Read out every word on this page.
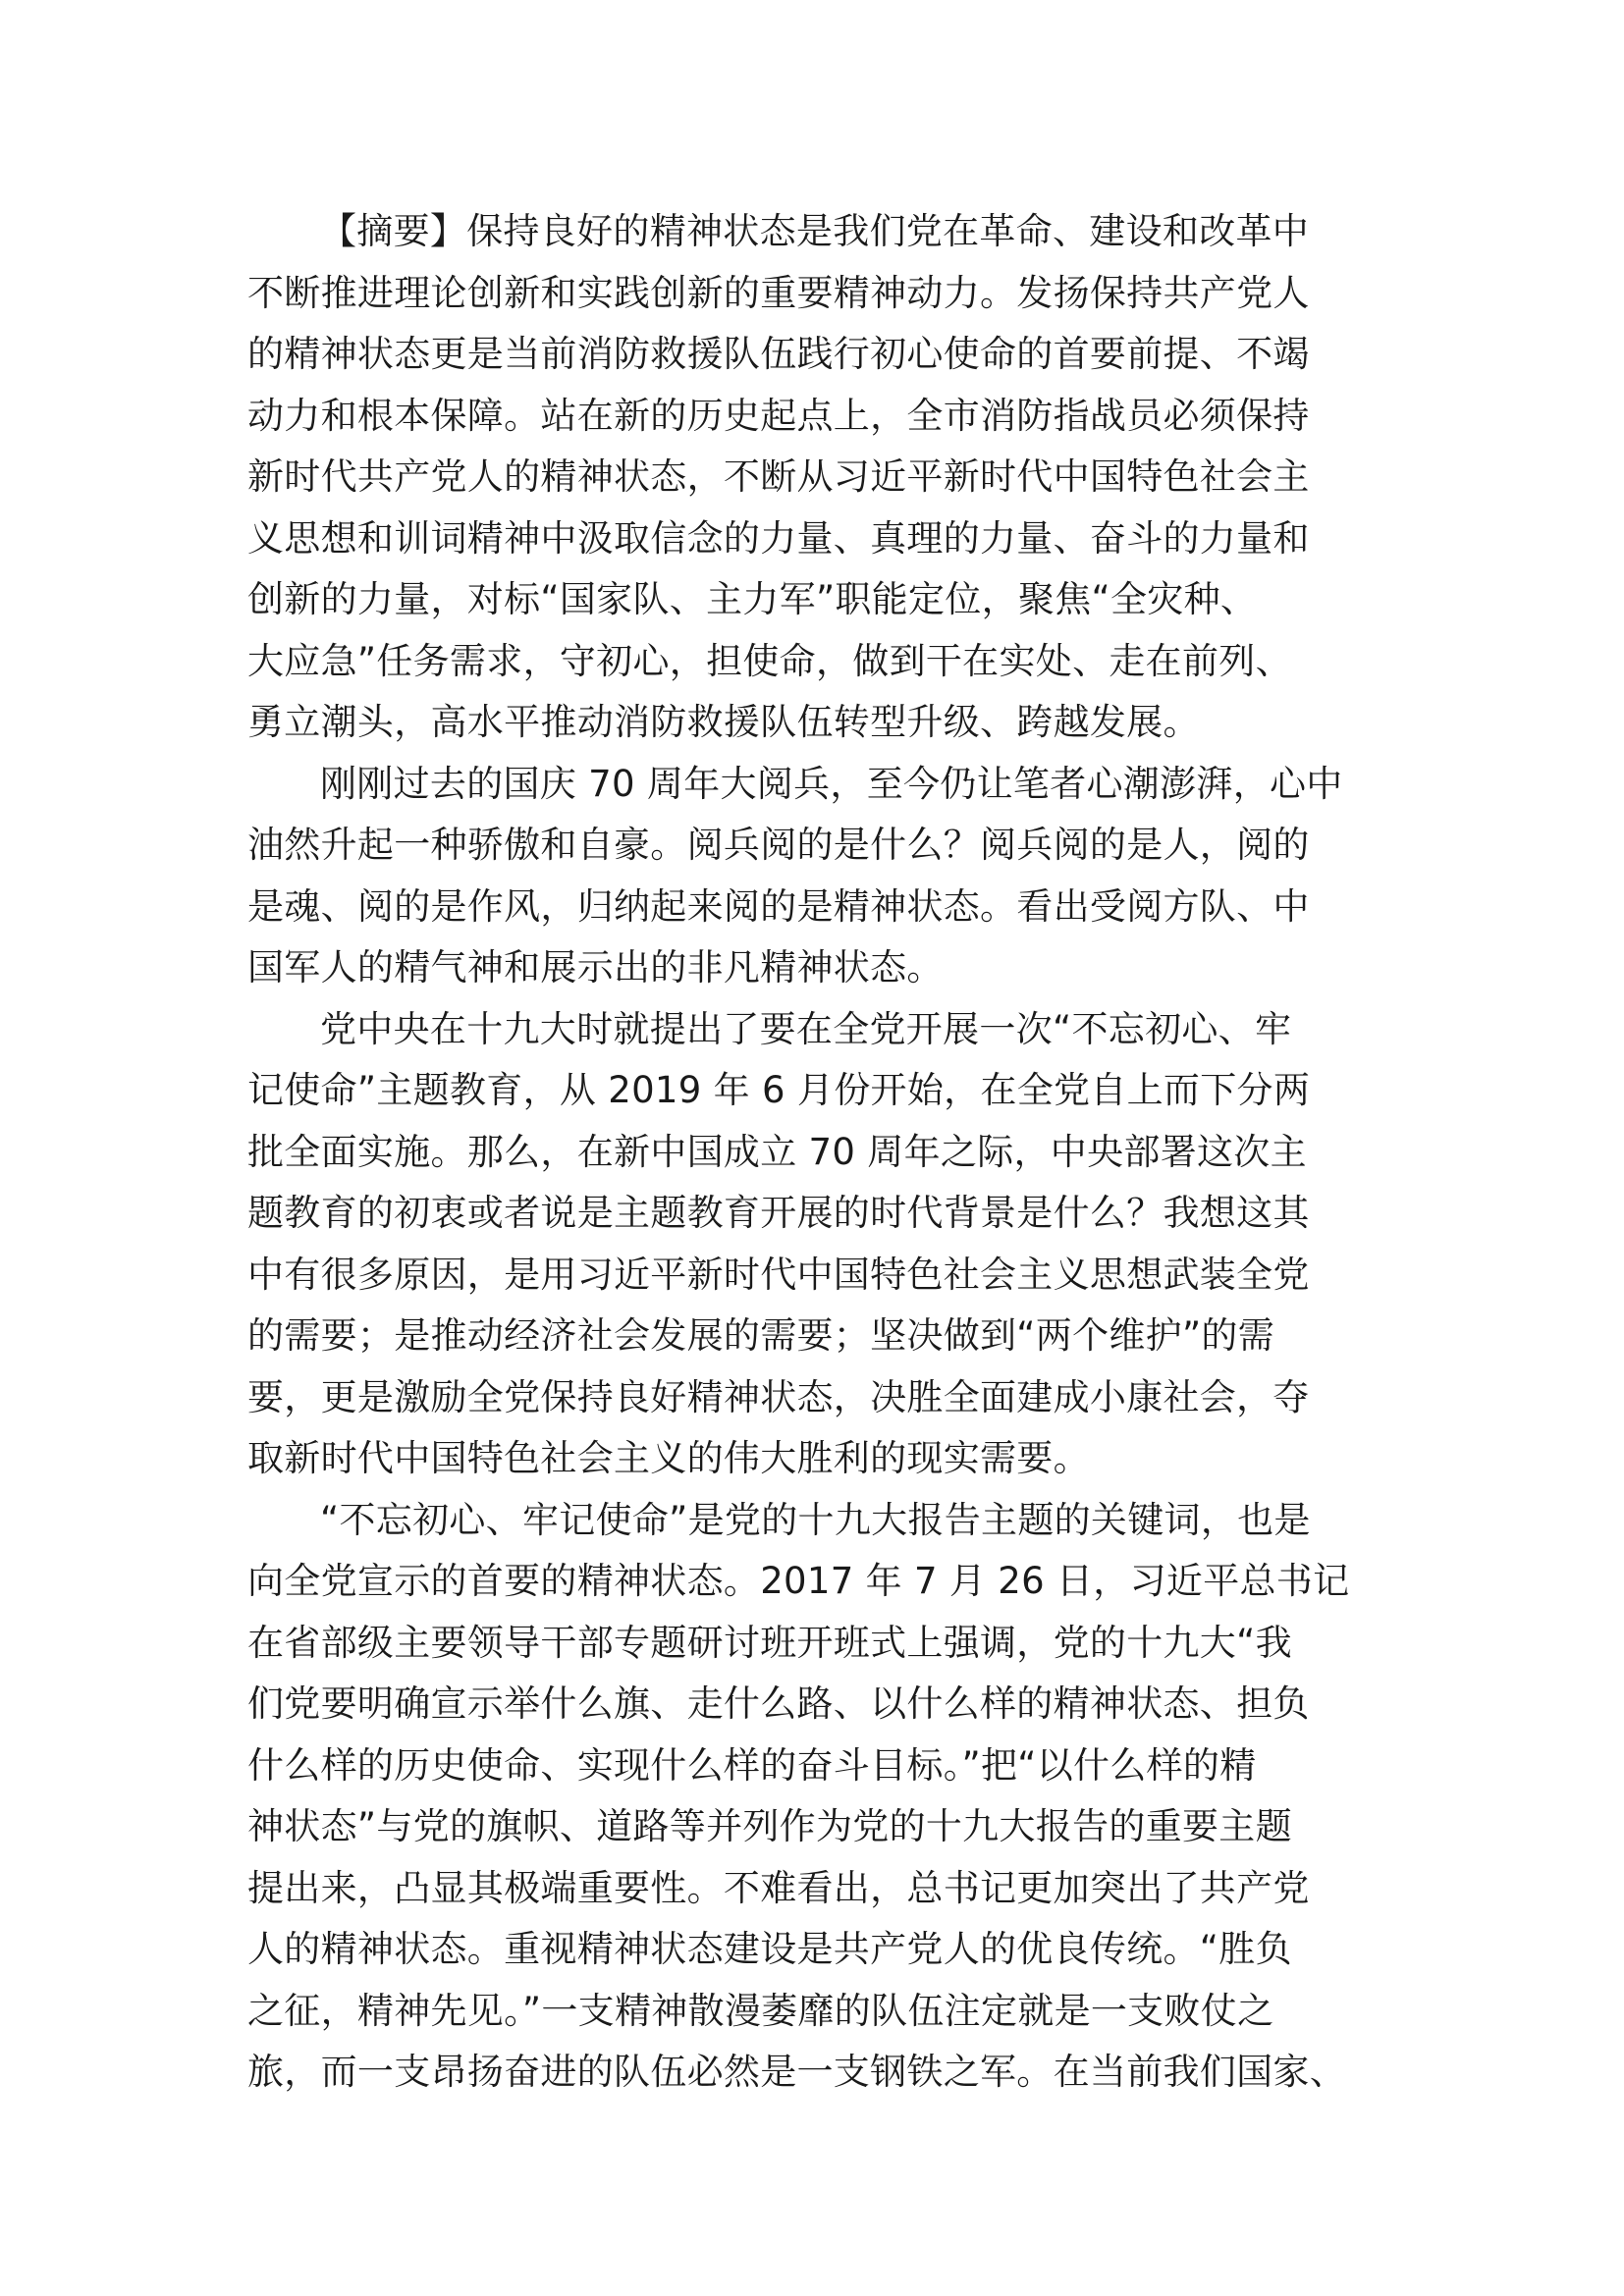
【摘要】保持良好的精神状态是我们党在革命、建设和改革中
不断推进理论创新和实践创新的重要精神动力。发扬保持共产党人
的精神状态更是当前消防救援队伍践行初心使命的首要前提、不竭
动力和根本保障。站在新的历史起点上，全市消防指战员必须保持
新时代共产党人的精神状态，不断从习近平新时代中国特色社会主
义思想和训词精神中汲取信念的力量、真理的力量、奋斗的力量和
创新的力量，对标“国家队、主力军”职能定位，聚焦“全灾种、
大应急”任务需求，守初心，担使命，做到干在实处、走在前列、
勇立潮头，高水平推动消防救援队伍转型升级、跨越发展。

刚刚过去的国庆 70 周年大阅兵，至今仍让笔者心潮澎湃，心中
油然升起一种骄傲和自豪。阅兵阅的是什么？阅兵阅的是人，阅的
是魂、阅的是作风，归纳起来阅的是精神状态。看出受阅方队、中
国军人的精气神和展示出的非凡精神状态。

党中央在十九大时就提出了要在全党开展一次“不忘初心、牢
记使命”主题教育，从 2019 年 6 月份开始，在全党自上而下分两
批全面实施。那么，在新中国成立 70 周年之际，中央部署这次主
题教育的初衷或者说是主题教育开展的时代背景是什么？我想这其
中有很多原因，是用习近平新时代中国特色社会主义思想武装全党
的需要；是推动经济社会发展的需要；坚决做到“两个维护”的需
要，更是激励全党保持良好精神状态，决胜全面建成小康社会，夺
取新时代中国特色社会主义的伟大胜利的现实需要。

“不忘初心、牢记使命”是党的十九大报告主题的关键词，也是
向全党宣示的首要的精神状态。2017 年 7 月 26 日，习近平总书记
在省部级主要领导干部专题研讨班开班式上强调，党的十九大“我
们党要明确宣示举什么旗、走什么路、以什么样的精神状态、担负
什么样的历史使命、实现什么样的奋斗目标。”把“以什么样的精
神状态”与党的旗帜、道路等并列作为党的十九大报告的重要主题
提出来，凸显其极端重要性。不难看出，总书记更加突出了共产党
人的精神状态。重视精神状态建设是共产党人的优良传统。“胜负
之征，精神先见。”一支精神散漫萎靡的队伍注定就是一支败仗之
旅，而一支昂扬奋进的队伍必然是一支钢铁之军。在当前我们国家、
